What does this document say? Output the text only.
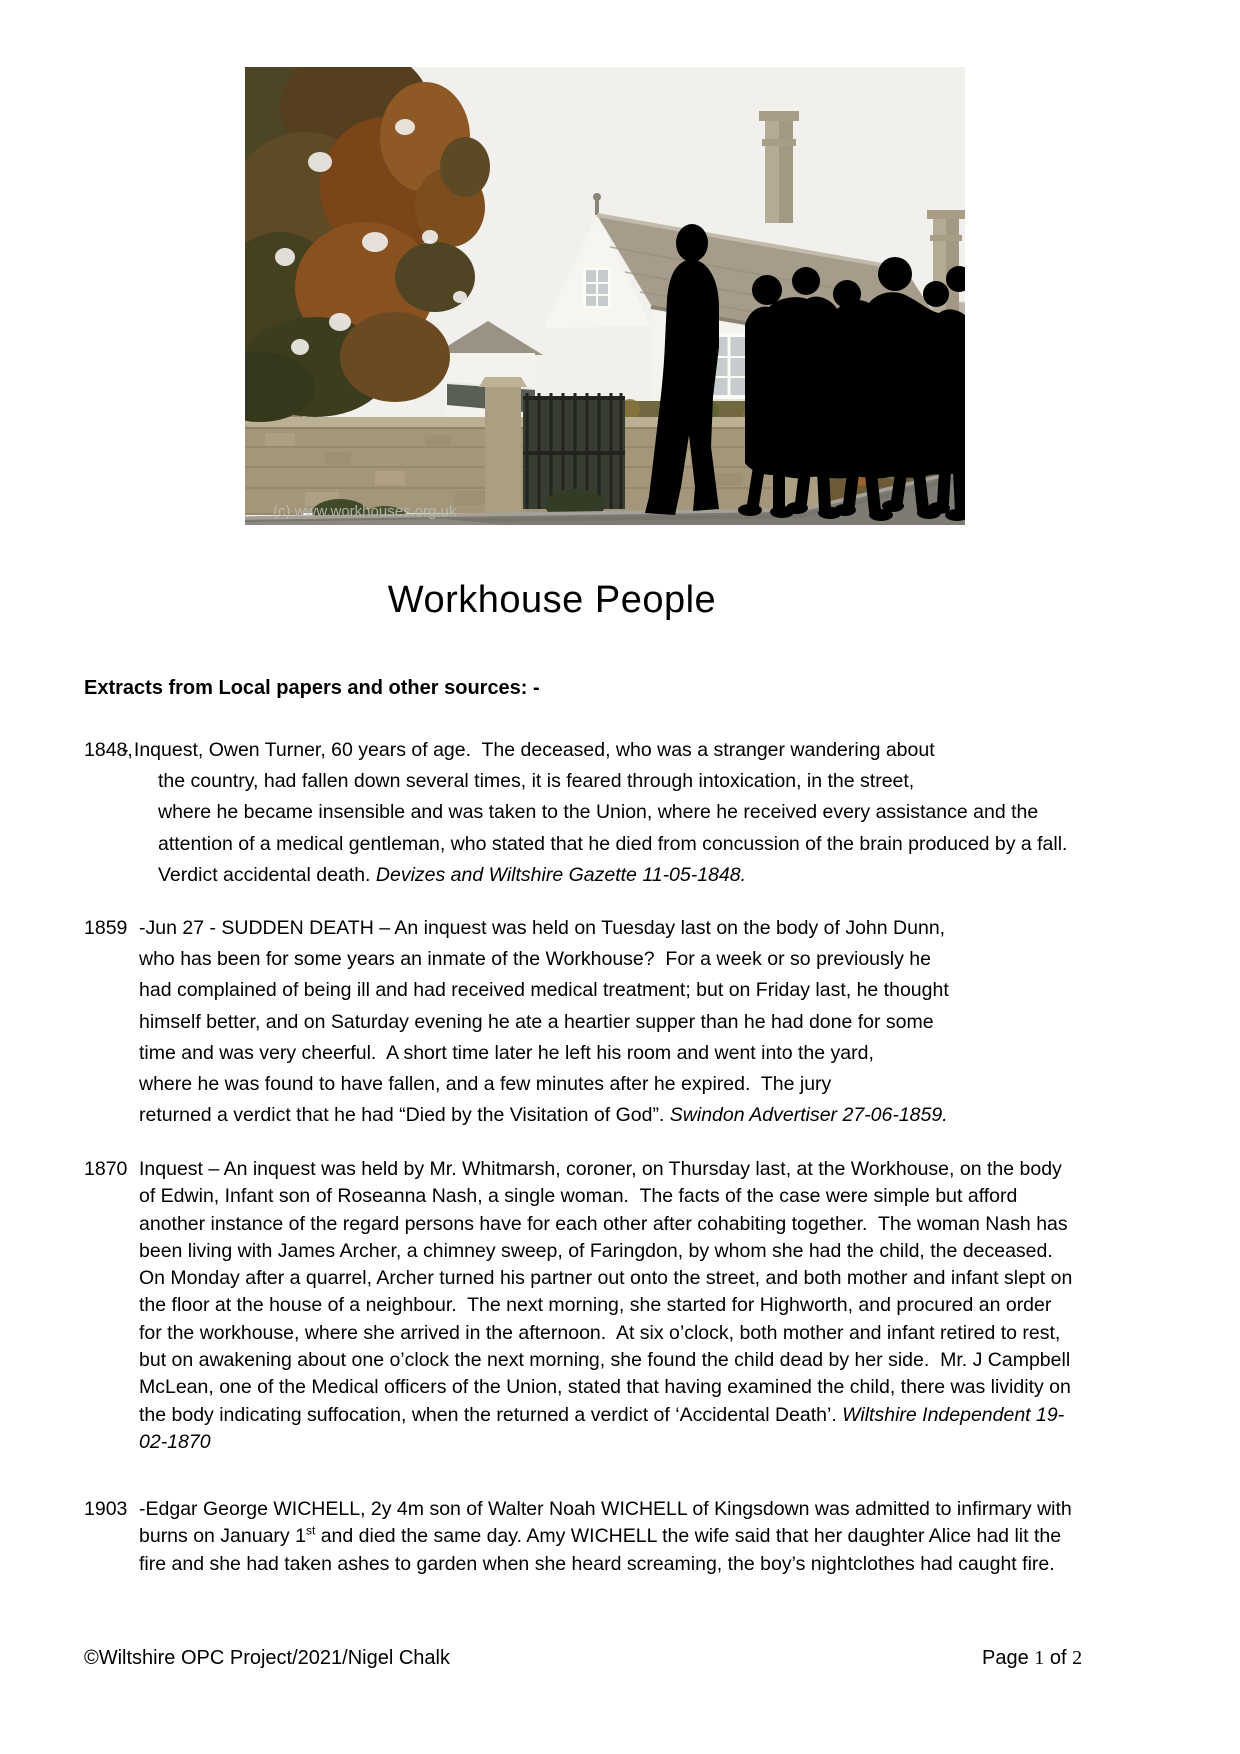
(c) www.workhouses.org.uk
Workhouse People
Extracts from Local papers and other sources: -
1848,
- Inquest, Owen Turner, 60 years of age.  The deceased, who was a stranger wandering about
the country, had fallen down several times, it is feared through intoxication, in the street,
where he became insensible and was taken to the Union, where he received every assistance and the
attention of a medical gentleman, who stated that he died from concussion of the brain produced by a fall.
Verdict accidental death. Devizes and Wiltshire Gazette 11-05-1848.
1859 -Jun 27 - SUDDEN DEATH – An inquest was held on Tuesday last on the body of John Dunn,
who has been for some years an inmate of the Workhouse?  For a week or so previously he
had complained of being ill and had received medical treatment; but on Friday last, he thought
himself better, and on Saturday evening he ate a heartier supper than he had done for some
time and was very cheerful.  A short time later he left his room and went into the yard,
where he was found to have fallen, and a few minutes after he expired.  The jury
returned a verdict that he had “Died by the Visitation of God”. Swindon Advertiser 27-06-1859.
1870 Inquest – An inquest was held by Mr. Whitmarsh, coroner, on Thursday last, at the Workhouse, on the body
of Edwin, Infant son of Roseanna Nash, a single woman.  The facts of the case were simple but afford
another instance of the regard persons have for each other after cohabiting together.  The woman Nash has
been living with James Archer, a chimney sweep, of Faringdon, by whom she had the child, the deceased.
On Monday after a quarrel, Archer turned his partner out onto the street, and both mother and infant slept on
the floor at the house of a neighbour.  The next morning, she started for Highworth, and procured an order
for the workhouse, where she arrived in the afternoon.  At six o’clock, both mother and infant retired to rest,
but on awakening about one o’clock the next morning, she found the child dead by her side.  Mr. J Campbell
McLean, one of the Medical officers of the Union, stated that having examined the child, there was lividity on
the body indicating suffocation, when the returned a verdict of ‘Accidental Death’. Wiltshire Independent 19-
02-1870
1903 -Edgar George WICHELL, 2y 4m son of Walter Noah WICHELL of Kingsdown was admitted to infirmary with
burns on January 1st and died the same day. Amy WICHELL the wife said that her daughter Alice had lit the
fire and she had taken ashes to garden when she heard screaming, the boy’s nightclothes had caught fire.
©Wiltshire OPC Project/2021/Nigel Chalk	Page 1 of 2
